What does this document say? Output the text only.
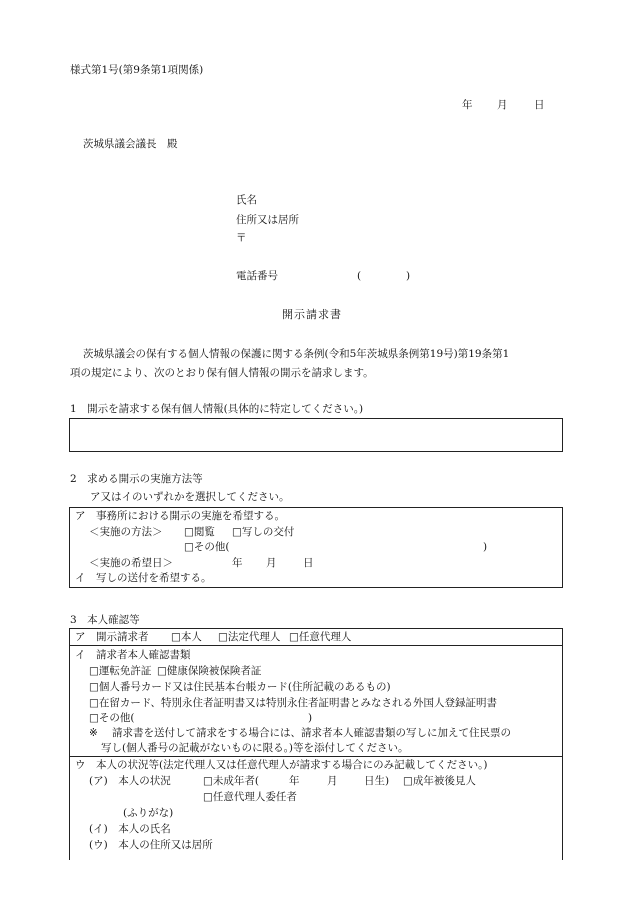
様式第1号(第9条第1項関係)
年 月	日
茨城県議会議長　殿
氏名
住所又は居所
〒
電話番号	(	)
開示請求書
茨城県議会の保有する個人情報の保護に関する条例(令和5年茨城県条例第19号)第19条第1
項の規定により、次のとおり保有個人情報の開示を請求します。
1　開示を請求する保有個人情報(具体的に特定してください。)
2　求める開示の実施方法等
ア又はイのいずれかを選択してください。
ア　事務所における開示の実施を希望する。
＜実施の方法＞ □閲覧 □写しの交付
□その他(	)
＜実施の希望日＞	年 月	日
イ　写しの送付を希望する。
3　本人確認等
ア　開示請求者 □本人 □法定代理人 □任意代理人
イ　請求者本人確認書類
□運転免許証 □健康保険被保険者証
□個人番号カード又は住民基本台帳カード(住所記載のあるもの)
□在留カード、特別永住者証明書又は特別永住者証明書とみなされる外国人登録証明書
□その他(	)
※ 請求書を送付して請求をする場合には、請求者本人確認書類の写しに加えて住民票の
写し(個人番号の記載がないものに限る。)等を添付してください。
ウ　本人の状況等(法定代理人又は任意代理人が請求する場合にのみ記載してください。)
(ア)　本人の状況	□未成年者(	年	月	日生) □成年被後見人
□任意代理人委任者
(ふりがな)
(イ)　本人の氏名
(ウ)　本人の住所又は居所
